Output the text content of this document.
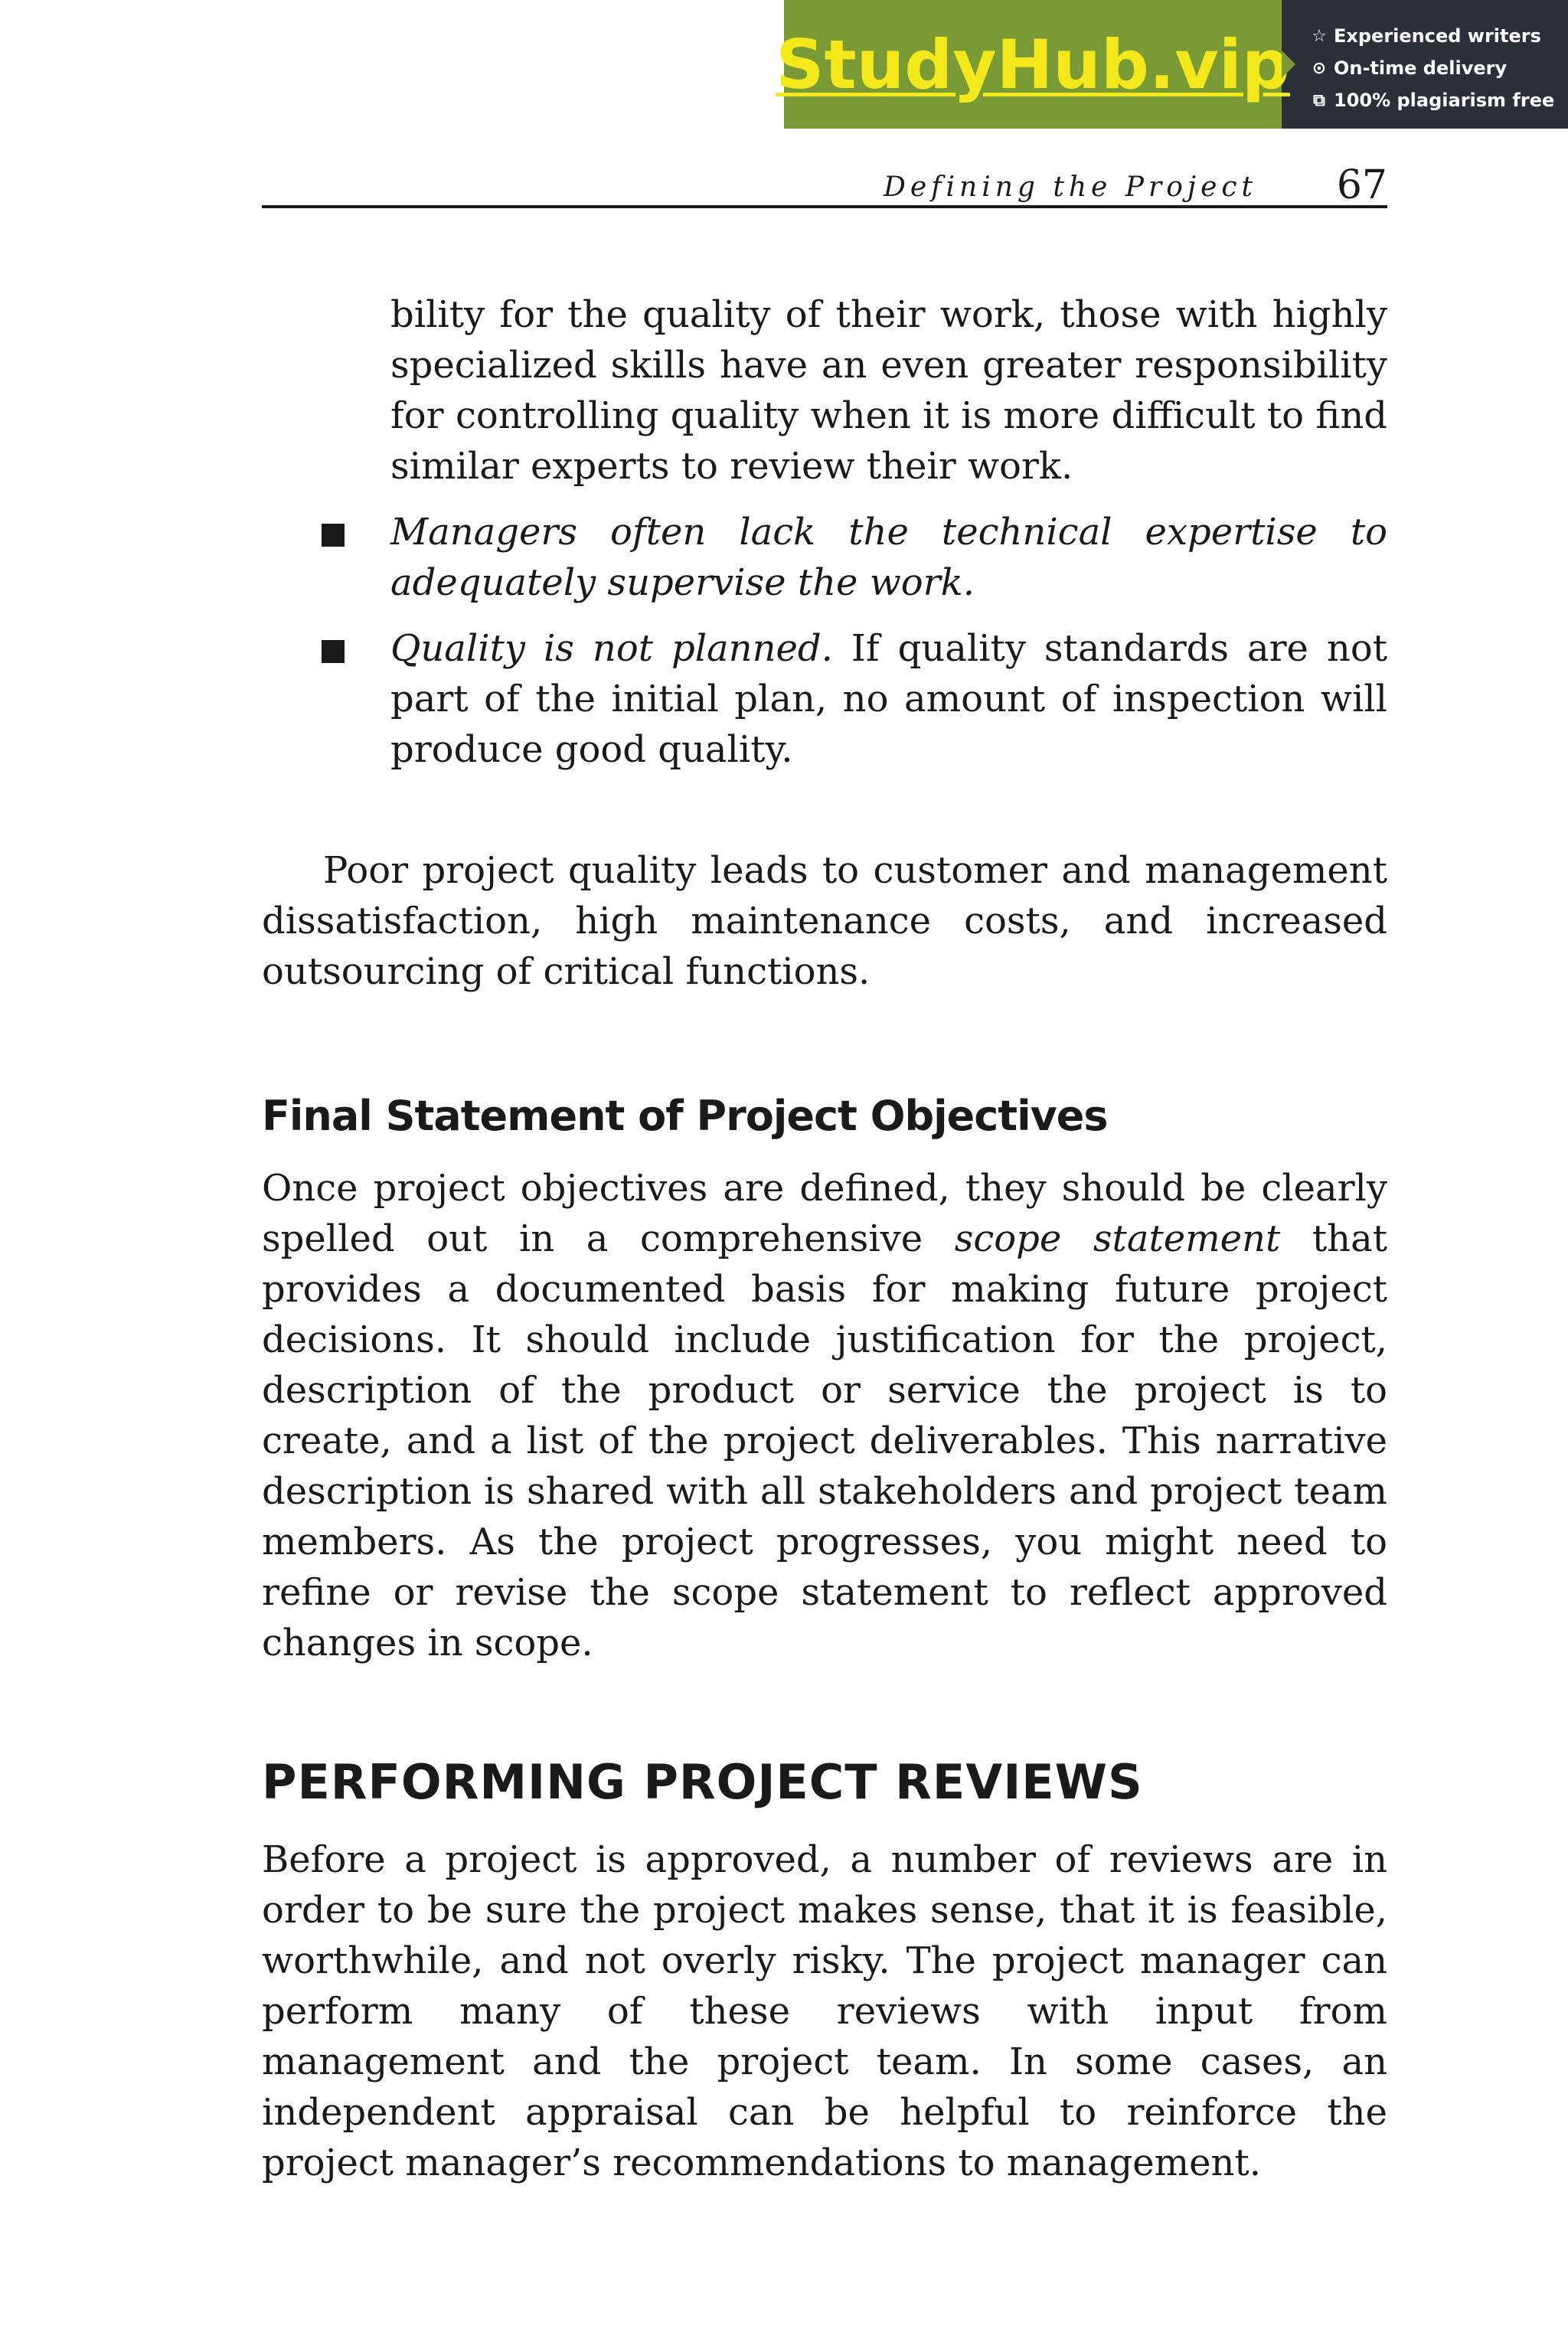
StudyHub.vip ☆ Experienced writers
⊙ On-time delivery
⧉ 100% plagiarism free
Defining the Project 67

bility for the quality of their work, those with highly specialized skills have an even greater responsibility for controlling quality when it is more difficult to find similar experts to review their work.

Managers often lack the technical expertise to adequately supervise the work.

Quality is not planned. If quality standards are not part of the initial plan, no amount of inspection will produce good quality.

Poor project quality leads to customer and management dissatisfaction, high maintenance costs, and increased outsourcing of critical functions.

Final Statement of Project Objectives

Once project objectives are defined, they should be clearly spelled out in a comprehensive scope statement that provides a documented basis for making future project decisions. It should include justification for the project, description of the product or service the project is to create, and a list of the project deliverables. This narrative description is shared with all stakeholders and project team members. As the project progresses, you might need to refine or revise the scope statement to reflect approved changes in scope.

PERFORMING PROJECT REVIEWS

Before a project is approved, a number of reviews are in order to be sure the project makes sense, that it is feasible, worthwhile, and not overly risky. The project manager can perform many of these reviews with input from management and the project team. In some cases, an independent appraisal can be helpful to reinforce the project manager’s recommendations to management.
